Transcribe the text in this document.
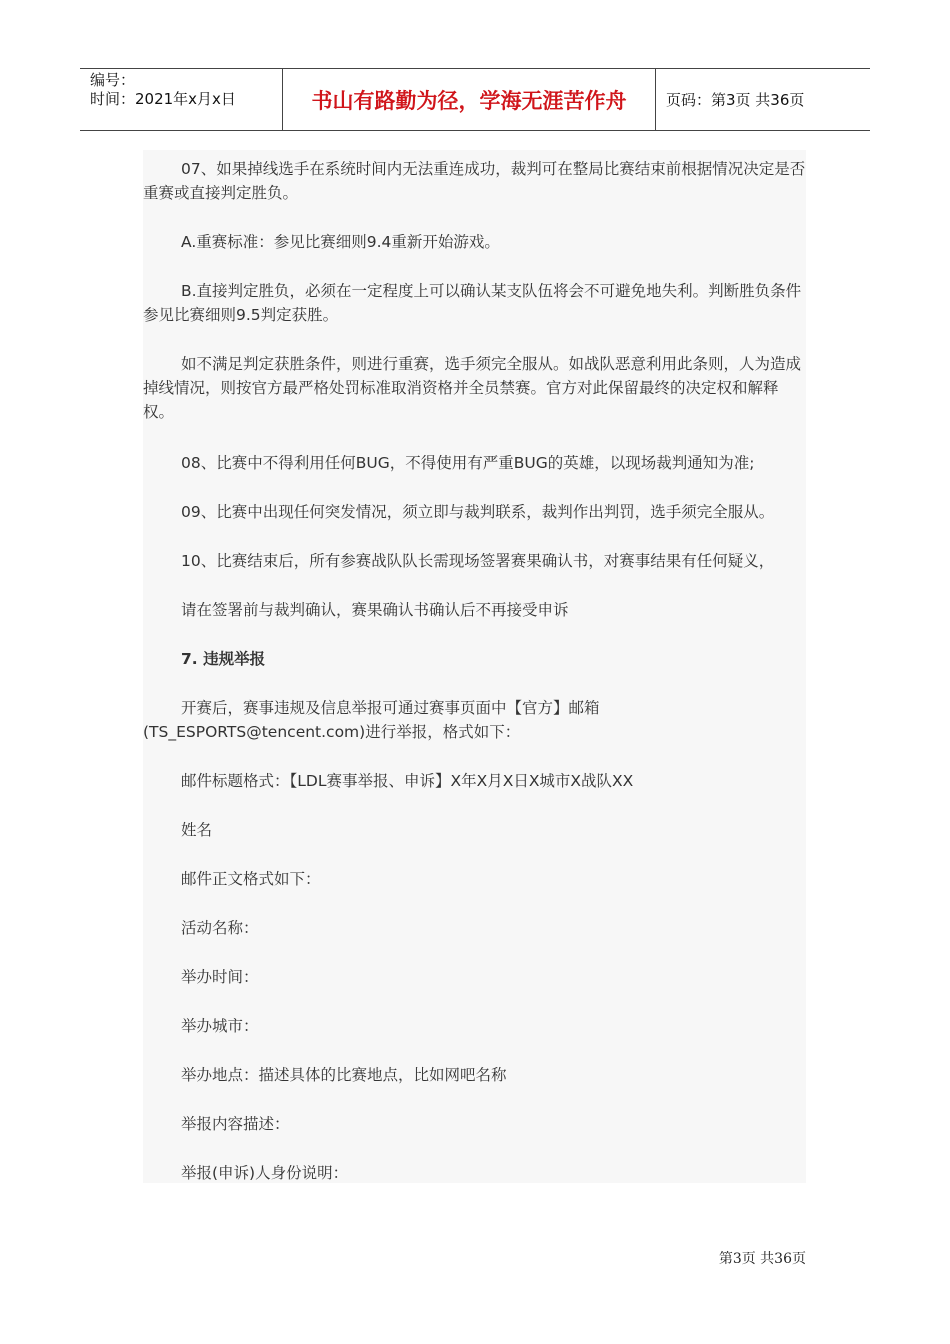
编号：
时间：2021年x月x日	书山有路勤为径，学海无涯苦作舟	页码：第3页 共36页

07、如果掉线选手在系统时间内无法重连成功，裁判可在整局比赛结束前根据情况决定是否重赛或直接判定胜负。

A.重赛标准：参见比赛细则9.4重新开始游戏。

B.直接判定胜负，必须在一定程度上可以确认某支队伍将会不可避免地失利。判断胜负条件参见比赛细则9.5判定获胜。

如不满足判定获胜条件，则进行重赛，选手须完全服从。如战队恶意利用此条则，人为造成掉线情况，则按官方最严格处罚标准取消资格并全员禁赛。官方对此保留最终的决定权和解释权。

08、比赛中不得利用任何BUG，不得使用有严重BUG的英雄，以现场裁判通知为准;

09、比赛中出现任何突发情况，须立即与裁判联系，裁判作出判罚，选手须完全服从。

10、比赛结束后，所有参赛战队队长需现场签署赛果确认书，对赛事结果有任何疑义，

请在签署前与裁判确认，赛果确认书确认后不再接受申诉

7. 违规举报

开赛后，赛事违规及信息举报可通过赛事页面中【官方】邮箱(TS_ESPORTS@tencent.com)进行举报，格式如下：

邮件标题格式：【LDL赛事举报、申诉】X年X月X日X城市X战队XX

姓名

邮件正文格式如下：

活动名称：

举办时间：

举办城市：

举办地点：描述具体的比赛地点，比如网吧名称

举报内容描述：

举报(申诉)人身份说明：

第3页 共36页
